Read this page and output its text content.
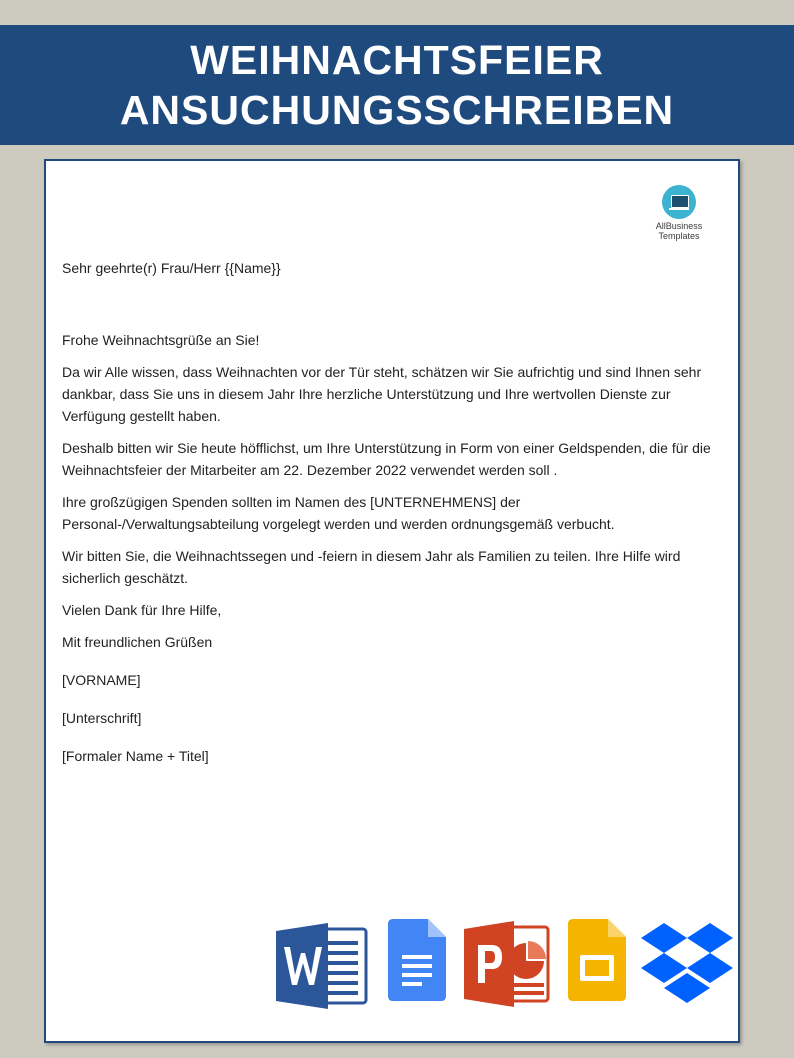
WEIHNACHTSFEIER
ANSUCHUNGSSCHREIBEN
AllBusiness
Templates

Sehr geehrte(r) Frau/Herr {{Name}}

Frohe Weihnachtsgrüße an Sie!

Da wir Alle wissen, dass Weihnachten vor der Tür steht, schätzen wir Sie aufrichtig und sind Ihnen sehr dankbar, dass Sie uns in diesem Jahr Ihre herzliche Unterstützung und Ihre wertvollen Dienste zur Verfügung gestellt haben.

Deshalb bitten wir Sie heute höfflichst, um Ihre Unterstützung in Form von einer Geldspenden, die für die Weihnachtsfeier der Mitarbeiter am 22. Dezember 2022 verwendet werden soll .

Ihre großzügigen Spenden sollten im Namen des [UNTERNEHMENS] der Personal-/Verwaltungsabteilung vorgelegt werden und werden ordnungsgemäß verbucht.

Wir bitten Sie, die Weihnachtssegen und -feiern in diesem Jahr als Familien zu teilen. Ihre Hilfe wird sicherlich geschätzt.

Vielen Dank für Ihre Hilfe,

Mit freundlichen Grüßen

[VORNAME]

[Unterschrift]

[Formaler Name + Titel]
